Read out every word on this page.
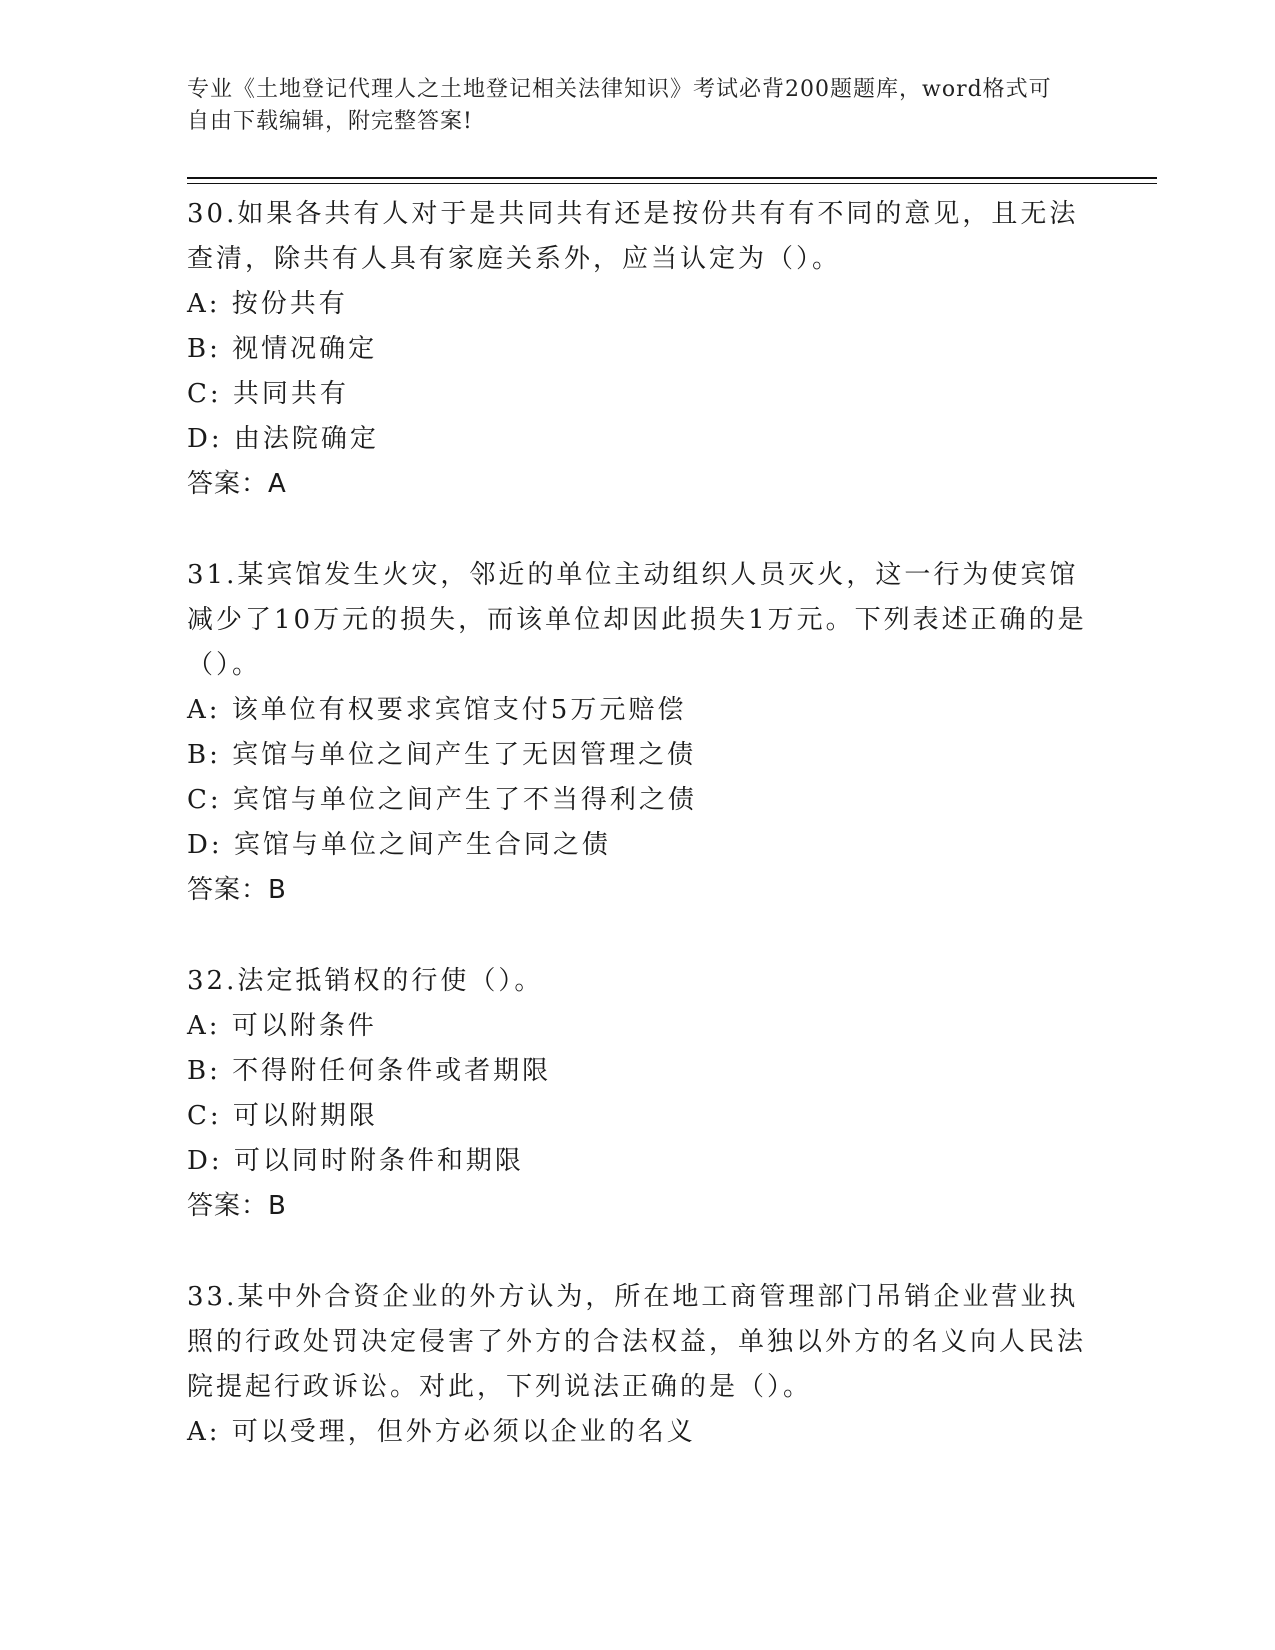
专业《土地登记代理人之土地登记相关法律知识》考试必背200题题库，word格式可自由下载编辑，附完整答案!

30.如果各共有人对于是共同共有还是按份共有有不同的意见，且无法查清，除共有人具有家庭关系外，应当认定为（）。

A: 按份共有

B: 视情况确定

C: 共同共有

D: 由法院确定

答案：A

31.某宾馆发生火灾，邻近的单位主动组织人员灭火，这一行为使宾馆减少了10万元的损失，而该单位却因此损失1万元。下列表述正确的是（）。

A: 该单位有权要求宾馆支付5万元赔偿

B: 宾馆与单位之间产生了无因管理之债

C: 宾馆与单位之间产生了不当得利之债

D: 宾馆与单位之间产生合同之债

答案：B

32.法定抵销权的行使（）。

A: 可以附条件

B: 不得附任何条件或者期限

C: 可以附期限

D: 可以同时附条件和期限

答案：B

33.某中外合资企业的外方认为，所在地工商管理部门吊销企业营业执照的行政处罚决定侵害了外方的合法权益，单独以外方的名义向人民法院提起行政诉讼。对此，下列说法正确的是（）。

A: 可以受理，但外方必须以企业的名义
